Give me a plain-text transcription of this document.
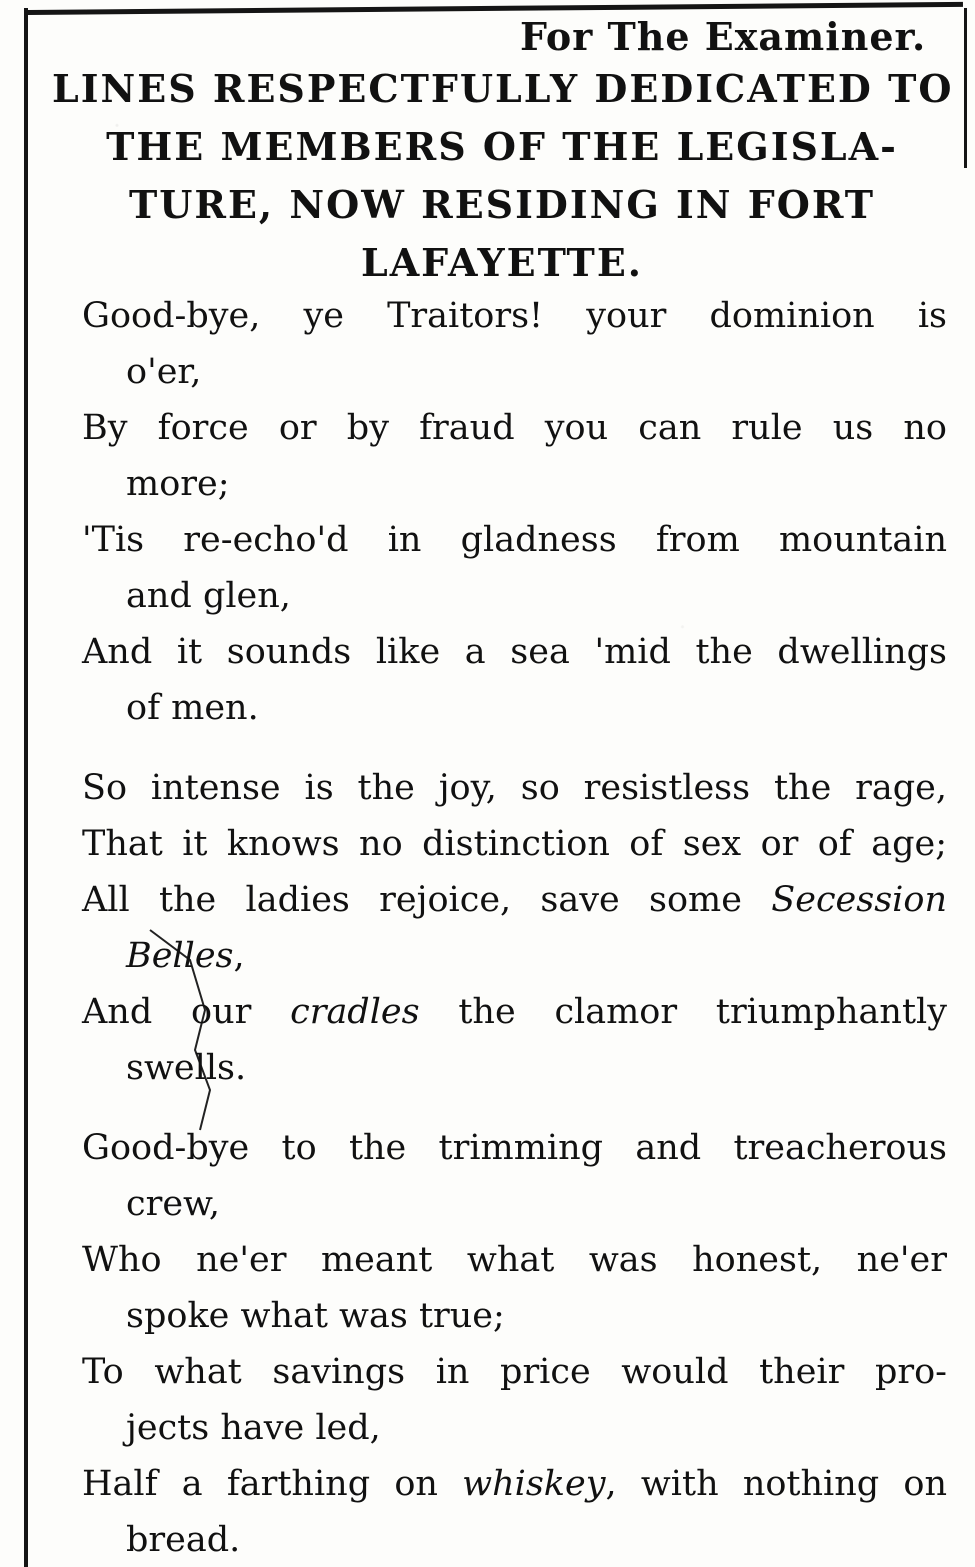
For The Examiner.
LINES RESPECTFULLY DEDICATED TO
THE MEMBERS OF THE LEGISLA-
TURE, NOW RESIDING IN FORT
LAFAYETTE.

Good-bye, ye Traitors! your dominion is

o'er,

By force or by fraud you can rule us no

more;

'Tis re-echo'd in gladness from mountain

and glen,

And it sounds like a sea 'mid the dwellings

of men.

So intense is the joy, so resistless the rage,

That it knows no distinction of sex or of age;

All the ladies rejoice, save some Secession

Belles,

And our cradles the clamor triumphantly

swells.

Good-bye to the trimming and treacherous

crew,

Who ne'er meant what was honest, ne'er

spoke what was true;

To what savings in price would their pro-

jects have led,

Half a farthing on whiskey, with nothing on

bread.
